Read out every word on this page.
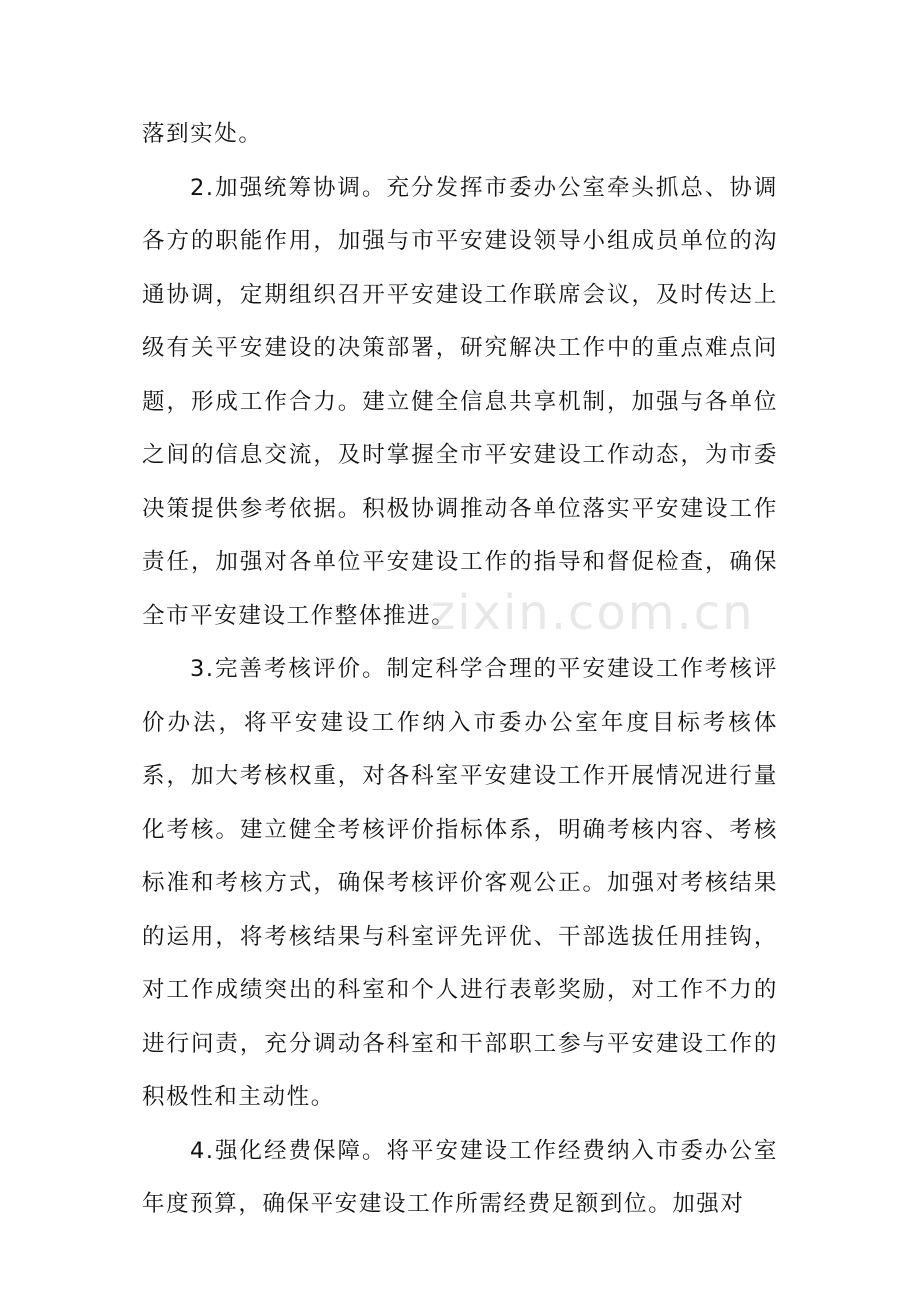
落到实处。

2.加强统筹协调。充分发挥市委办公室牵头抓总、协调各方的职能作用，加强与市平安建设领导小组成员单位的沟通协调，定期组织召开平安建设工作联席会议，及时传达上级有关平安建设的决策部署，研究解决工作中的重点难点问题，形成工作合力。建立健全信息共享机制，加强与各单位之间的信息交流，及时掌握全市平安建设工作动态，为市委决策提供参考依据。积极协调推动各单位落实平安建设工作责任，加强对各单位平安建设工作的指导和督促检查，确保全市平安建设工作整体推进。

3.完善考核评价。制定科学合理的平安建设工作考核评价办法，将平安建设工作纳入市委办公室年度目标考核体系，加大考核权重，对各科室平安建设工作开展情况进行量化考核。建立健全考核评价指标体系，明确考核内容、考核标准和考核方式，确保考核评价客观公正。加强对考核结果的运用，将考核结果与科室评先评优、干部选拔任用挂钩，对工作成绩突出的科室和个人进行表彰奖励，对工作不力的进行问责，充分调动各科室和干部职工参与平安建设工作的积极性和主动性。

4.强化经费保障。将平安建设工作经费纳入市委办公室年度预算，确保平安建设工作所需经费足额到位。加强对

zixin.com.cn
